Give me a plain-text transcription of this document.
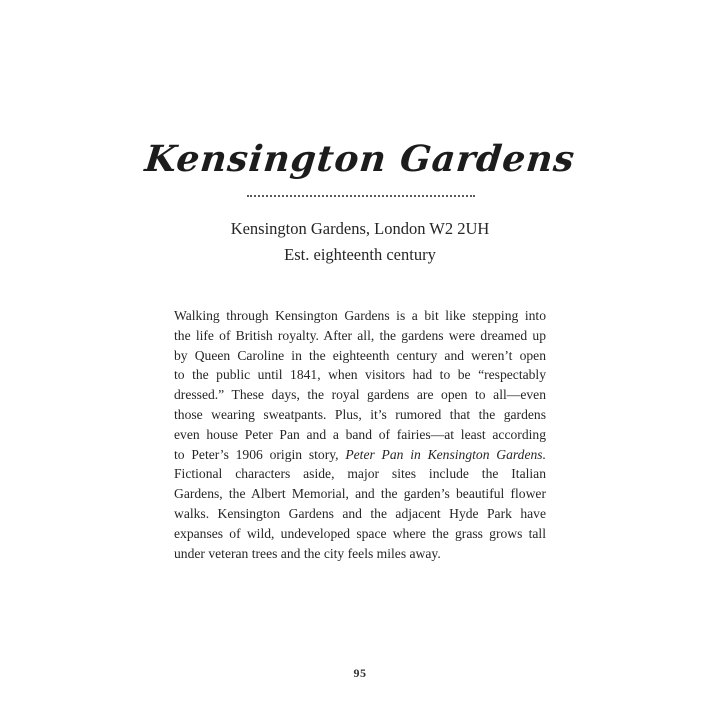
Kensington Gardens

Kensington Gardens, London W2 2UH

Est. eighteenth century

Walking through Kensington Gardens is a bit like stepping into
the life of British royalty. After all, the gardens were dreamed up
by Queen Caroline in the eighteenth century and weren’t open
to the public until 1841, when visitors had to be “respectably
dressed.” These days, the royal gardens are open to all—even
those wearing sweatpants. Plus, it’s rumored that the gardens
even house Peter Pan and a band of fairies—at least according
to Peter’s 1906 origin story, Peter Pan in Kensington Gardens.
Fictional characters aside, major sites include the Italian
Gardens, the Albert Memorial, and the garden’s beautiful flower
walks. Kensington Gardens and the adjacent Hyde Park have
expanses of wild, undeveloped space where the grass grows tall
under veteran trees and the city feels miles away.
95
